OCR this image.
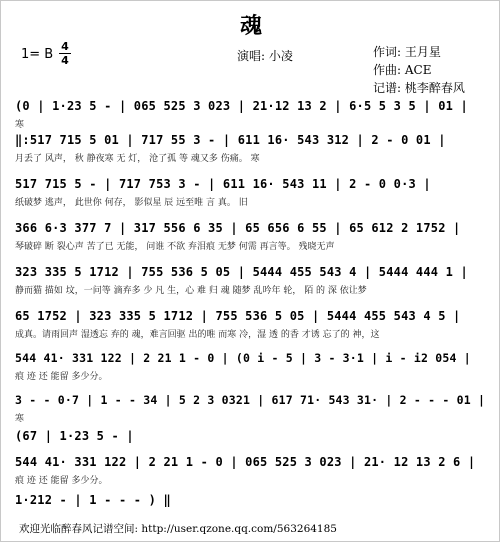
魂
1= B
4
4	演唱: 小凌	作词: 王月星
作曲: ACE
记谱: 桃李醉春风
(0 | 1·23 5 - | 065 525 3 023 | 21·12 13 2 | 6·5 5 3 5 | 01 |
寒
‖:517 715 5 01 | 717 55 3 - | 611 16· 543 312 | 2 - 0 01 |
月丢了 风声， 秋 静夜寒 无 灯， 沧了孤 等 魂又多 伤痛。 寒
517 715 5 - | 717 753 3 - | 611 16· 543 11 | 2 - 0 0·3 |
纸破梦 逃声， 此世你 何存， 影似星 辰 远至唯 言 真。 旧
366 6·3 377 7 | 317 556 6 35 | 65 656 6 55 | 65 612 2 1752 |
琴破碎 断 裂心声 苦了已 无能， 问谁 不欲 弃泪痕 无梦 何需 再言等。 残晓无声
323 335 5 1712 | 755 536 5 05 | 5444 455 543 4 | 5444 444 1 |
静而猫 描如 坟，一问等 滴弃多 少 凡 生，心 难 归 魂 随梦 乱吟年 轮， 陌 的 深 依让梦
65 1752 | 323 335 5 1712 | 755 536 5 05 | 5444 455 543 4 5 |
成真。请雨回声 湿透忘 弃的 魂，难言回驱 出的唯 而寒 冷，湿 透 的香 才诱 忘了的 神，这
544 41· 331 122 | 2 21 1 - 0 | (0 i - 5 | 3 - 3·1 | i - i2 054 |
痕 迹 还 能留 多少分。
3 - - 0·7 | 1 - - 34 | 5 2 3 0321 | 617 71· 543 31· | 2 - - - 01 |
寒
(67 | 1·23 5 - |
544 41· 331 122 | 2 21 1 - 0 | 065 525 3 023 | 21· 12 13 2 6 |
痕 迹 还 能留 多少分。
1·212 - | 1 - - - ) ‖
欢迎光临醉春风记谱空间: http://user.qzone.qq.com/563264185
